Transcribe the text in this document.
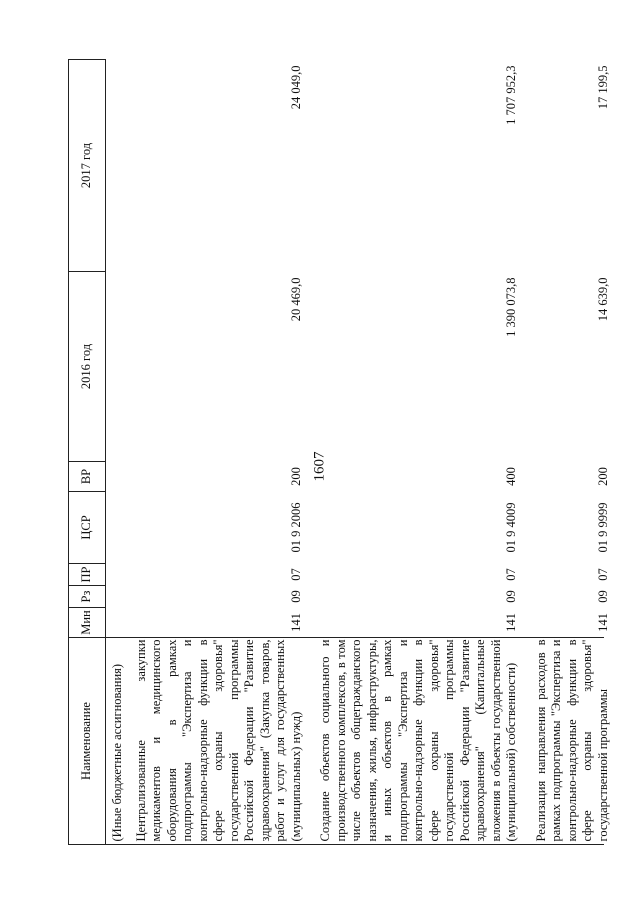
1607
Наименование	Мин	Рз	ПР	ЦСР	ВР	2016 год	2017 год
(Иные бюджетные ассигнования)							
Централизованные закупки медикаментов и медицинского оборудования в рамках подпрограммы "Экспертиза и контрольно-надзорные функции в сфере охраны здоровья" государственной программы Российской Федерации "Развитие здравоохранения" (Закупка товаров, работ и услуг для государственных (муниципальных) нужд)	141	09	07	01 9 2006	200	20 469,0	24 049,0
Создание объектов социального и производственного комплексов, в том числе объектов общегражданского назначения, жилья, инфраструктуры, и иных объектов в рамках подпрограммы "Экспертиза и контрольно-надзорные функции в сфере охраны здоровья" государственной программы Российской Федерации "Развитие здравоохранения" (Капитальные вложения в объекты государственной (муниципальной) собственности)	141	09	07	01 9 4009	400	1 390 073,8	1 707 952,3
Реализация направления расходов в рамках подпрограммы "Экспертиза и контрольно-надзорные функции в сфере охраны здоровья" государственной программы	141	09	07	01 9 9999	200	14 639,0	17 199,5
